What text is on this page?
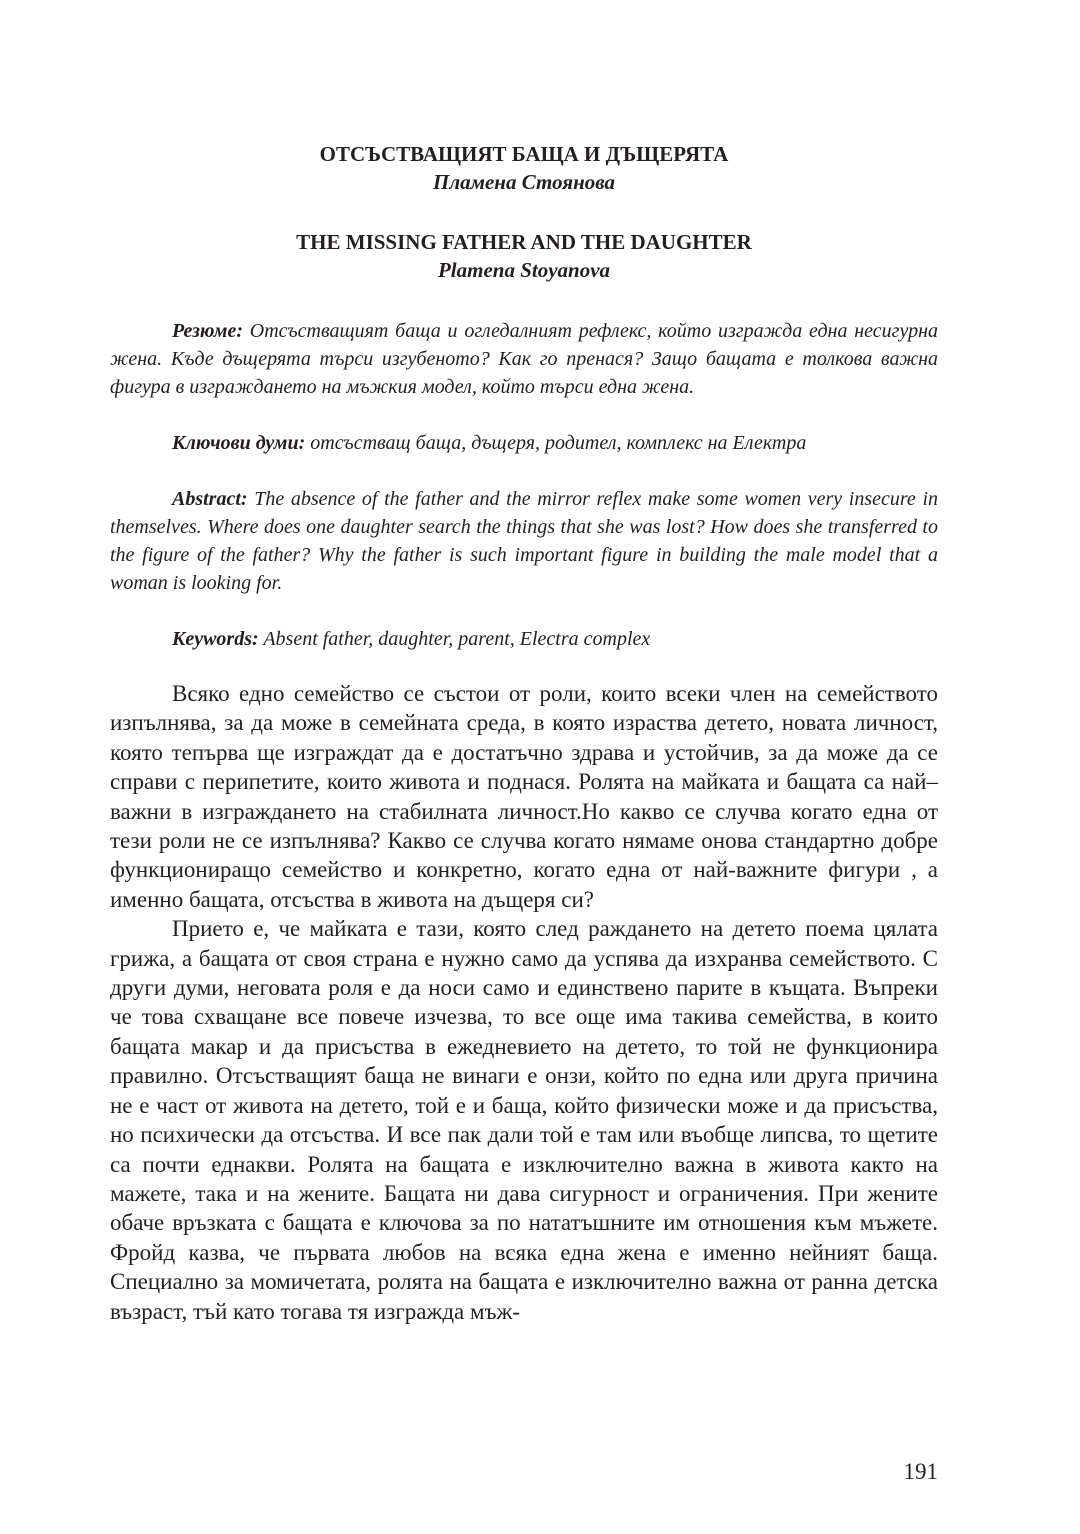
ОТСЪСТВАЩИЯТ БАЩА И ДЪЩЕРЯТА

Пламена Стоянова

THE MISSING FATHER AND THE DAUGHTER

Plamena Stoyanova

Резюме: Отсъстващият баща и огледалният рефлекс, който изгражда една несигурна жена. Къде дъщерята търси изгубеното? Как го пренася? Защо бащата е толкова важна фигура в изграждането на мъжкия модел, който търси една жена.

Ключови думи: отсъстващ баща, дъщеря, родител, комплекс на Електра

Abstract: The absence of the father and the mirror reflex make some women very insecure in themselves. Where does one daughter search the things that she was lost? How does she transferred to the figure of the father? Why the father is such important figure in building the male model that a woman is looking for.

Keywords: Absent father, daughter, parent, Electra complex

Всяко едно семейство се състои от роли, които всеки член на семейството изпълнява, за да може в семейната среда, в която израства детето, новата личност, която тепърва ще изграждат да е достатъчно здрава и устойчив, за да може да се справи с перипетите, които живота и поднася. Ролята на майката и бащата са най–важни в изграждането на стабилната личност.Но какво се случва когато една от тези роли не се изпълнява? Какво се случва когато нямаме онова стандартно добре функциониращо семейство и конкретно, когато една от най-важните фигури , а именно бащата, отсъства в живота на дъщеря си?

Прието е, че майката е тази, която след раждането на детето поема цялата грижа, а бащата от своя страна е нужно само да успява да изхранва семейството. С други думи, неговата роля е да носи само и единствено парите в къщата. Въпреки че това схващане все повече изчезва, то все още има такива семейства, в които бащата макар и да присъства в ежедневието на детето, то той не функционира правилно. Отсъстващият баща не винаги е онзи, който по една или друга причина не е част от живота на детето, той е и баща, който физически може и да присъства, но психически да отсъства. И все пак дали той е там или въобще липсва, то щетите са почти еднакви. Ролята на бащата е изключително важна в живота както на мажете, така и на жените. Бащата ни дава сигурност и ограничения. При жените обаче връзката с бащата е ключова за по нататъшните им отношения към мъжете. Фройд казва, че първата любов на всяка една жена е именно нейният баща. Специално за момичетата, ролята на бащата е изключително важна от ранна детска възраст, тъй като тогава тя изгражда мъж-

191
